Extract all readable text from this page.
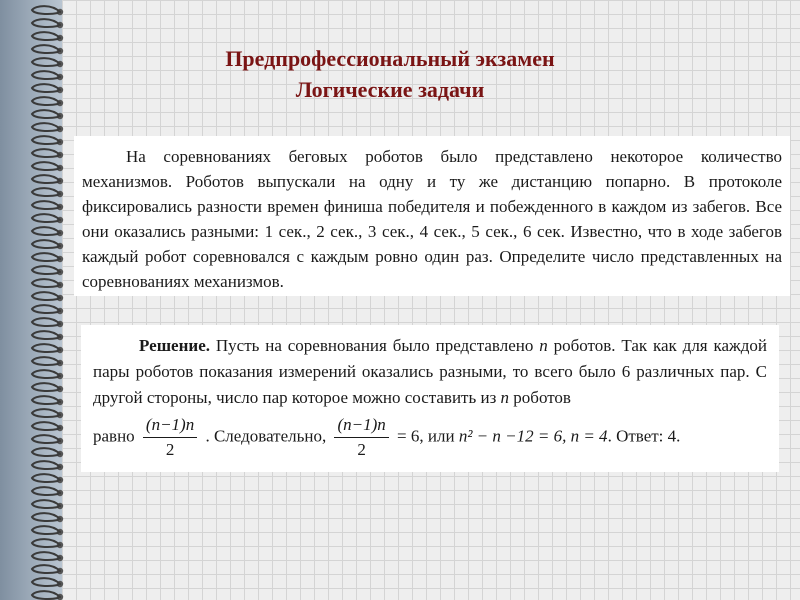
Предпрофессиональный экзамен
Логические задачи
На соревнованиях беговых роботов было представлено некоторое количество механизмов. Роботов выпускали на одну и ту же дистанцию попарно. В протоколе фиксировались разности времен финиша победителя и побежденного в каждом из забегов. Все они оказались разными: 1 сек., 2 сек., 3 сек., 4 сек., 5 сек., 6 сек. Известно, что в ходе забегов каждый робот соревновался с каждым ровно один раз. Определите число представленных на соревнованиях механизмов.
Решение. Пусть на соревнования было представлено n роботов. Так как для каждой пары роботов показания измерений оказались разными, то всего было 6 различных пар. С другой стороны, число пар которое можно составить из n роботов
равно $\frac{(n-1)n}{2}$ . Следовательно, $\frac{(n-1)n}{2} = 6$, или n² − n −12 = 6, n = 4. Ответ: 4.
